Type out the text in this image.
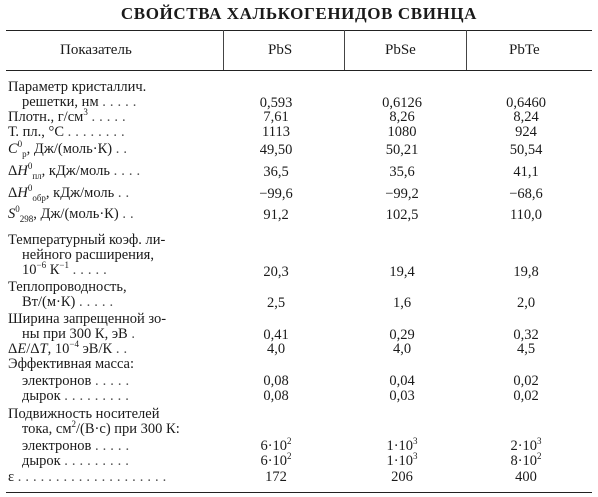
СВОЙСТВА ХАЛЬКОГЕНИДОВ СВИНЦА
Показатель	PbS	PbSe	PbTe
Параметр кристаллич.
решетки, нм .....	0,593	0,6126	0,6460
Плотн., $г/см^3$ .....	7,61	8,26	8,24
Т. пл., °С ........	1113	1080	924
$C^0_p$, Дж/(моль·К) ..	49,50	50,21	50,54
$\Delta H^0_{пл}$, кДж/моль ....	36,5	35,6	41,1
$\Delta H^0_{обр}$, кДж/моль ..	−99,6	−99,2	−68,6
$S^0_{298}$, Дж/(моль·К) ..	91,2	102,5	110,0
Температурный коэф. ли-
нейного расширения,
$10^{-6}$ $К^{-1}$ .....	20,3	19,4	19,8
Теплопроводность,
Вт/(м·К) .....	2,5	1,6	2,0
Ширина запрещенной зо-
ны при 300 К, эВ .	0,41	0,29	0,32
ΔE/ΔT, $10^{-4}$ эВ/К ..	4,0	4,0	4,5
Эффективная масса:
электронов .....	0,08	0,04	0,02
дырок .........	0,08	0,03	0,02
Подвижность носителей
тока, $см^2/(В\cdot с)$ при 300 К:
электронов .....	$6\cdot 10^2$	$1\cdot 10^3$	$2\cdot 10^3$
дырок .........	$6\cdot 10^2$	$1\cdot 10^3$	$8\cdot 10^2$
ε ....................	172	206	400
